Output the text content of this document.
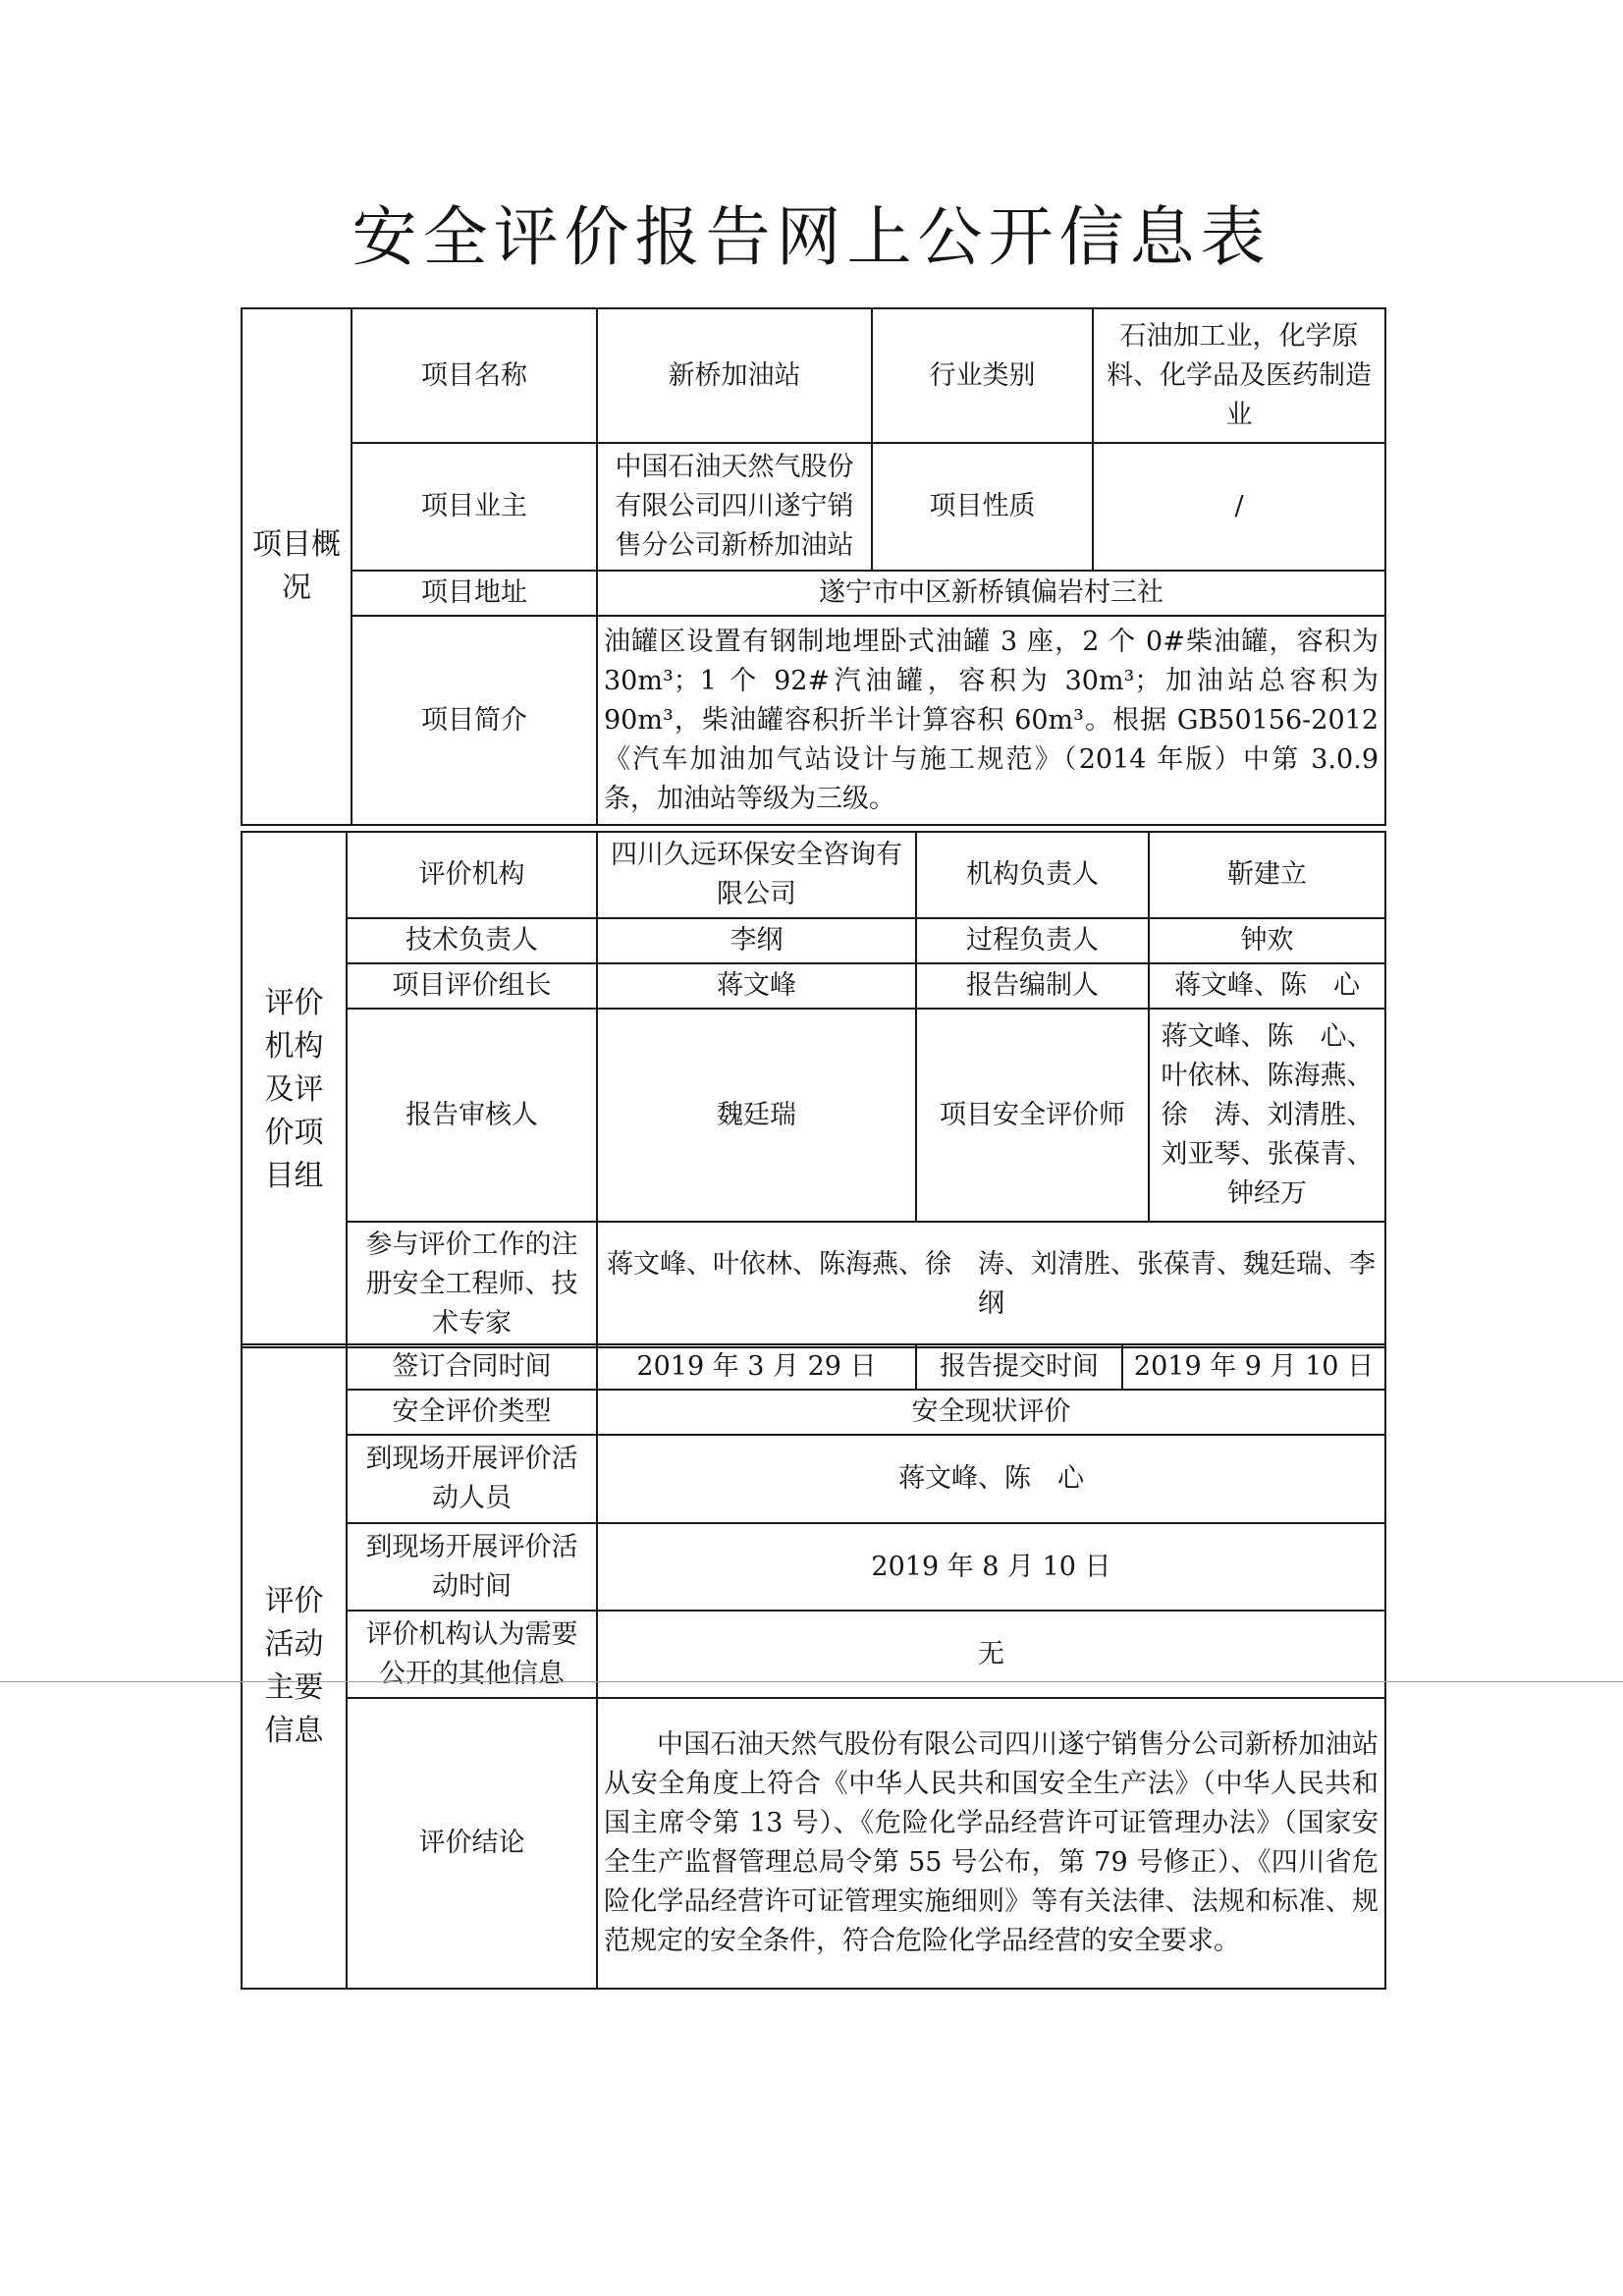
安全评价报告网上公开信息表
项目概况	项目名称	新桥加油站	行业类别	石油加工业，化学原料、化学品及医药制造业
	项目业主	中国石油天然气股份有限公司四川遂宁销售分公司新桥加油站	项目性质	/
	项目地址	遂宁市中区新桥镇偏岩村三社		
	项目简介	油罐区设置有钢制地埋卧式油罐 3 座，2 个 0#柴油罐，容积为 30m³；1 个 92#汽油罐，容积为 30m³；加油站总容积为 90m³，柴油罐容积折半计算容积 60m³。根据 GB50156-2012《汽车加油加气站设计与施工规范》（2014 年版）中第 3.0.9 条，加油站等级为三级。		
评价机构及评价项目组	评价机构	四川久远环保安全咨询有限公司	机构负责人	靳建立
	技术负责人	李纲	过程负责人	钟欢
	项目评价组长	蒋文峰	报告编制人	蒋文峰、陈　心
	报告审核人	魏廷瑞	项目安全评价师	蒋文峰、陈　心、叶依林、陈海燕、徐　涛、刘清胜、刘亚琴、张葆青、钟经万
	参与评价工作的注册安全工程师、技术专家	蒋文峰、叶依林、陈海燕、徐　涛、刘清胜、张葆青、魏廷瑞、李纲		
评价活动主要信息	签订合同时间	2019 年 3 月 29 日	报告提交时间	2019 年 9 月 10 日
	安全评价类型	安全现状评价		
	到现场开展评价活动人员	蒋文峰、陈　心		
	到现场开展评价活动时间	2019 年 8 月 10 日		
	评价机构认为需要公开的其他信息	无		
	评价结论	中国石油天然气股份有限公司四川遂宁销售分公司新桥加油站从安全角度上符合《中华人民共和国安全生产法》（中华人民共和国主席令第 13 号）、《危险化学品经营许可证管理办法》（国家安全生产监督管理总局令第 55 号公布，第 79 号修正）、《四川省危险化学品经营许可证管理实施细则》等有关法律、法规和标准、规范规定的安全条件，符合危险化学品经营的安全要求。		
